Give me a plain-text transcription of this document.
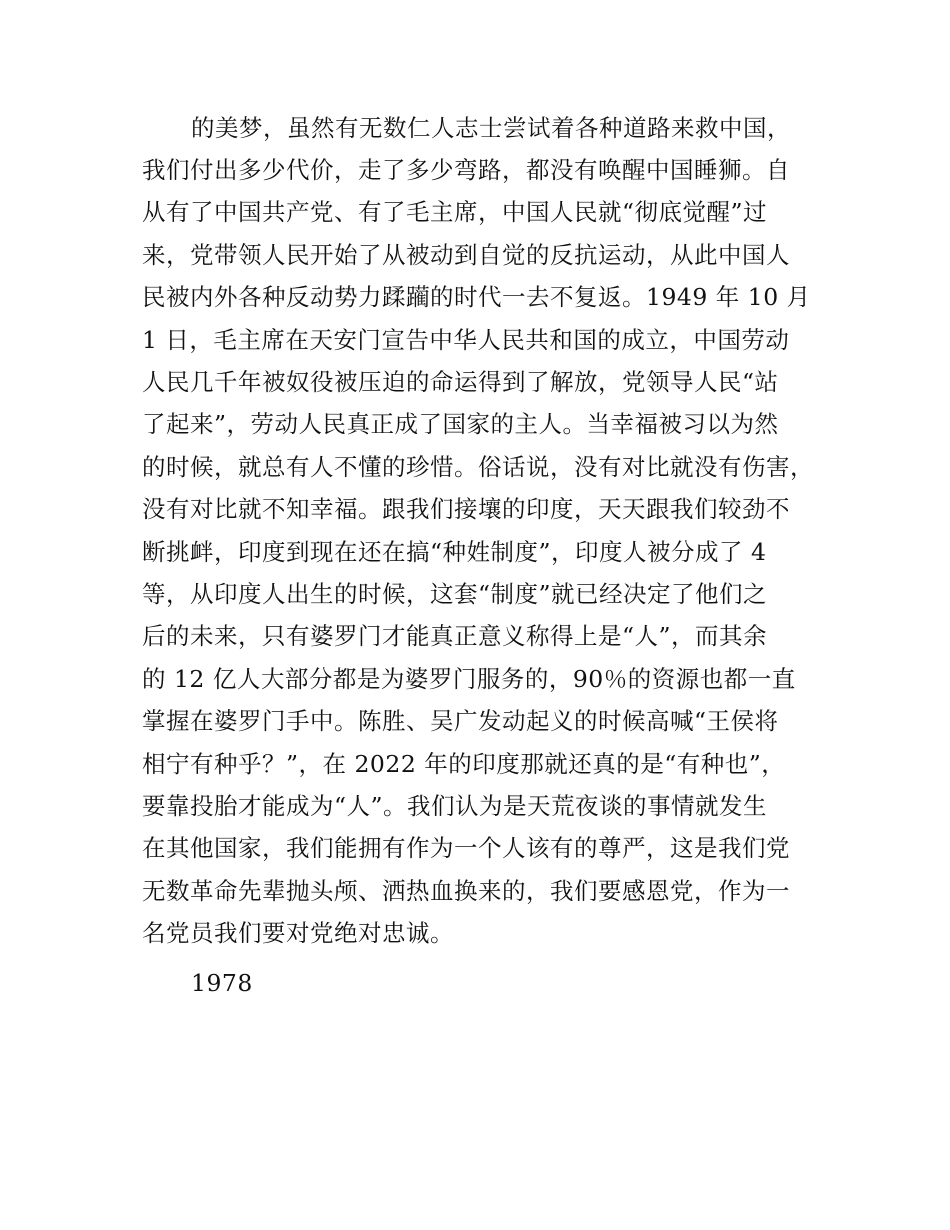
的美梦，虽然有无数仁人志士尝试着各种道路来救中国，
我们付出多少代价，走了多少弯路，都没有唤醒中国睡狮。自
从有了中国共产党、有了毛主席，中国人民就“彻底觉醒”过
来，党带领人民开始了从被动到自觉的反抗运动，从此中国人
民被内外各种反动势力蹂躏的时代一去不复返。1949 年 10 月
1 日，毛主席在天安门宣告中华人民共和国的成立，中国劳动
人民几千年被奴役被压迫的命运得到了解放，党领导人民“站
了起来”，劳动人民真正成了国家的主人。当幸福被习以为然
的时候，就总有人不懂的珍惜。俗话说，没有对比就没有伤害，
没有对比就不知幸福。跟我们接壤的印度，天天跟我们较劲不
断挑衅，印度到现在还在搞“种姓制度”，印度人被分成了 4
等，从印度人出生的时候，这套“制度”就已经决定了他们之
后的未来，只有婆罗门才能真正意义称得上是“人”，而其余
的 12 亿人大部分都是为婆罗门服务的，90％的资源也都一直
掌握在婆罗门手中。陈胜、吴广发动起义的时候高喊“王侯将
相宁有种乎？”，在 2022 年的印度那就还真的是“有种也”，
要靠投胎才能成为“人”。我们认为是天荒夜谈的事情就发生
在其他国家，我们能拥有作为一个人该有的尊严，这是我们党
无数革命先辈抛头颅、洒热血换来的，我们要感恩党，作为一
名党员我们要对党绝对忠诚。
1978
